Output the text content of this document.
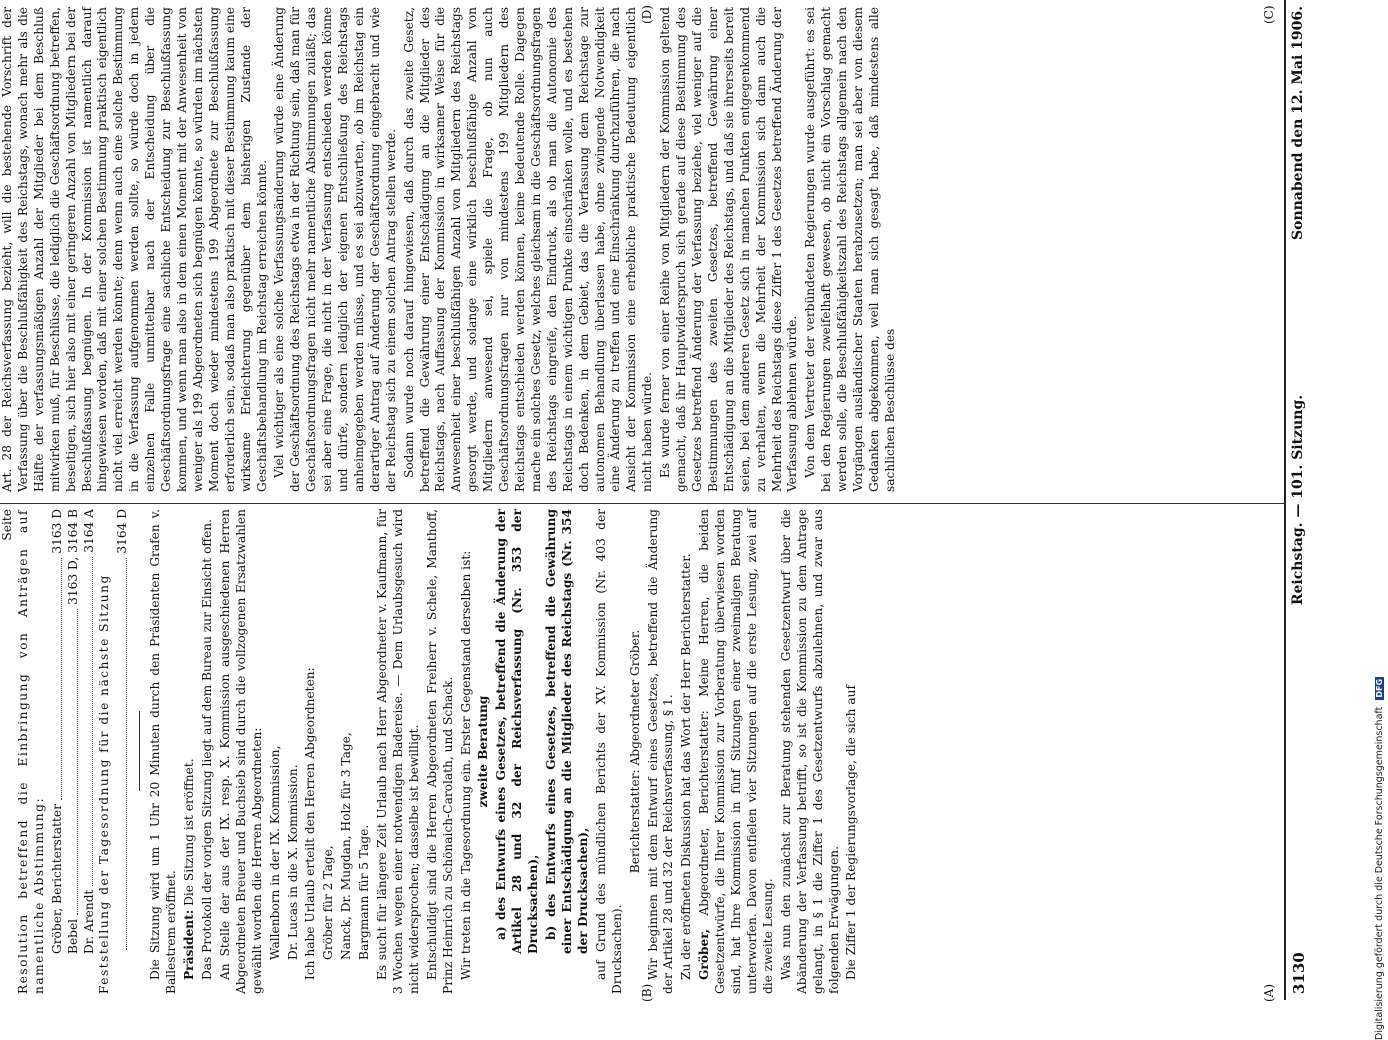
3130
Reichstag. — 101. Sitzung.
Sonnabend den 12. Mai 1906.
(A)
(B)
(C)
(D)
Seite Resolution betreffend die Einbringung von Anträgen auf namentliche Abstimmung: Gröber, Berichterstatter
3163 D
Bebel
3163 D, 3164 B
Dr. Arendt
3164 A

Feststellung der Tagesordnung für die nächste Sitzung

3164 D Die Sitzung wird um 1 Uhr 20 Minuten durch den Präsidenten Grafen v. Ballestrem eröffnet. Präsident: Die Sitzung ist eröffnet. Das Protokoll der vorigen Sitzung liegt auf dem Bureau zur Einsicht offen. An Stelle der aus der IX. resp. X. Kommission ausgeschiedenen Herren Abgeordneten Breuer und Buchsieb sind durch die vollzogenen Ersatzwahlen gewählt worden die Herren Abgeordneten: Wallenborn in der IX. Kommission, Dr. Lucas in die X. Kommission. Ich habe Urlaub erteilt den Herren Abgeordneten: Gröber für 2 Tage, Nanck, Dr. Mugdan, Holz für 3 Tage, Bargmann für 5 Tage. Es sucht für längere Zeit Urlaub nach Herr Abgeordneter v. Kaufmann, für 3 Wochen wegen einer notwendigen Badereise. — Dem Urlaubsgesuch wird nicht widersprochen; dasselbe ist bewilligt. Entschuldigt sind die Herren Abgeordneten Freiherr v. Schele, Manthoff, Prinz Heinrich zu Schönaich-Carolath, und Schack. Wir treten in die Tagesordnung ein. Erster Gegenstand derselben ist: zweite Beratung a) des Entwurfs eines Gesetzes, betreffend die Änderung der Artikel 28 und 32 der Reichsverfassung (Nr. 353 der Drucksachen), b) des Entwurfs eines Gesetzes, betreffend die Gewährung einer Entschädigung an die Mitglieder des Reichstags (Nr. 354 der Drucksachen), auf Grund des mündlichen Berichts der XV. Kommission (Nr. 403 der Drucksachen).

Berichterstatter: Abgeordneter Gröber. Wir beginnen mit dem Entwurf eines Gesetzes, betreffend die Änderung der Artikel 28 und 32 der Reichsverfassung, § 1. Zu der eröffneten Diskussion hat das Wort der Herr Berichterstatter. Gröber, Abgeordneter, Berichterstatter: Meine Herren, die beiden Gesetzentwürfe, die Ihrer Kommission zur Vorberatung überwiesen worden sind, hat Ihre Kommission in fünf Sitzungen einer zweimaligen Beratung unterworfen. Davon entfielen vier Sitzungen auf die erste Lesung, zwei auf die zweite Lesung. Was nun den zunächst zur Beratung stehenden Gesetzentwurf über die Abänderung der Verfassung betrifft, so ist die Kommission zu dem Antrage gelangt, in § 1 die Ziffer 1 des Gesetzentwurfs abzulehnen, und zwar aus folgenden Erwägungen. Die Ziffer 1 der Regierungsvorlage, die sich auf

Art. 28 der Reichsverfassung bezieht, will die bestehende Vorschrift der Verfassung über die Beschlußfähigkeit des Reichstags, wonach mehr als die Hälfte der verfassungsmäßigen Anzahl der Mitglieder bei dem Beschluß mitwirken muß, für Beschlüsse, die lediglich die Geschäftsordnung betreffen, beseitigen, sich hier also mit einer geringeren Anzahl von Mitgliedern bei der Beschlußfassung begnügen. In der Kommission ist namentlich darauf hingewiesen worden, daß mit einer solchen Bestimmung praktisch eigentlich nicht viel erreicht werden könnte; denn wenn auch eine solche Bestimmung in die Verfassung aufgenommen werden sollte, so würde doch in jedem einzelnen Falle unmittelbar nach der Entscheidung über die Geschäftsordnungsfrage eine sachliche Entscheidung zur Beschlußfassung kommen, und wenn man also in dem einen Moment mit der Anwesenheit von weniger als 199 Abgeordneten sich begnügen könnte, so würden im nächsten Moment doch wieder mindestens 199 Abgeordnete zur Beschlußfassung erforderlich sein, sodaß man also praktisch mit dieser Bestimmung kaum eine wirksame Erleichterung gegenüber dem bisherigen Zustande der Geschäftsbehandlung im Reichstag erreichen könnte. Viel wichtiger als eine solche Verfassungsänderung würde eine Änderung der Geschäftsordnung des Reichstags etwa in der Richtung sein, daß man für Geschäftsordnungsfragen nicht mehr namentliche Abstimmungen zuläßt; das sei aber eine Frage, die nicht in der Verfassung entschieden werden könne und dürfe, sondern lediglich der eigenen Entschließung des Reichstags anheimgegeben werden müsse, und es sei abzuwarten, ob im Reichstag ein derartiger Antrag auf Änderung der Geschäftsordnung eingebracht und wie der Reichstag sich zu einem solchen Antrag stellen werde. Sodann wurde noch darauf hingewiesen, daß durch das zweite Gesetz, betreffend die Gewährung einer Entschädigung an die Mitglieder des Reichstags, nach Auffassung der Kommission in wirksamer Weise für die Anwesenheit einer beschlußfähigen Anzahl von Mitgliedern des Reichstags gesorgt werde, und solange eine wirklich beschlußfähige Anzahl von Mitgliedern anwesend sei, spiele die Frage, ob nun auch Geschäftsordnungsfragen nur von mindestens 199 Mitgliedern des Reichstags entschieden werden können, keine bedeutende Rolle. Dagegen mache ein solches Gesetz, welches gleichsam in die Geschäftsordnungsfragen des Reichstags eingreife, den Eindruck, als ob man die Autonomie des Reichstags in einem wichtigen Punkte einschränken wolle, und es bestehen doch Bedenken, in dem Gebiet, das die Verfassung dem Reichstage zur autonomen Behandlung überlassen habe, ohne zwingende Notwendigkeit eine Änderung zu treffen und eine Einschränkung durchzuführen, die nach Ansicht der Kommission eine erhebliche praktische Bedeutung eigentlich nicht haben würde. Es wurde ferner von einer Reihe von Mitgliedern der Kommission geltend gemacht, daß ihr Hauptwiderspruch sich gerade auf diese Bestimmung des Gesetzes betreffend Änderung der Verfassung beziehe, viel weniger auf die Bestimmungen des zweiten Gesetzes, betreffend Gewährung einer Entschädigung an die Mitglieder des Reichstags, und daß sie ihrerseits bereit seien, bei dem anderen Gesetz sich in manchen Punkten entgegenkommend zu verhalten, wenn die Mehrheit der Kommission sich dann auch die Mehrheit des Reichstags diese Ziffer 1 des Gesetzes betreffend Änderung der Verfassung ablehnen würde. Von dem Vertreter der verbündeten Regierungen wurde ausgeführt: es sei bei den Regierungen zweifelhaft gewesen, ob nicht ein Vorschlag gemacht werden solle, die Beschlußfähigkeitszahl des Reichstags allgemein nach den Vorgängen ausländischer Staaten herabzusetzen; man sei aber von diesem Gedanken abgekommen, weil man sich gesagt habe, daß mindestens alle sachlichen Beschlüsse des

Digitalisierung gefördert durch die Deutsche Forschungsgemeinschaft DFG
